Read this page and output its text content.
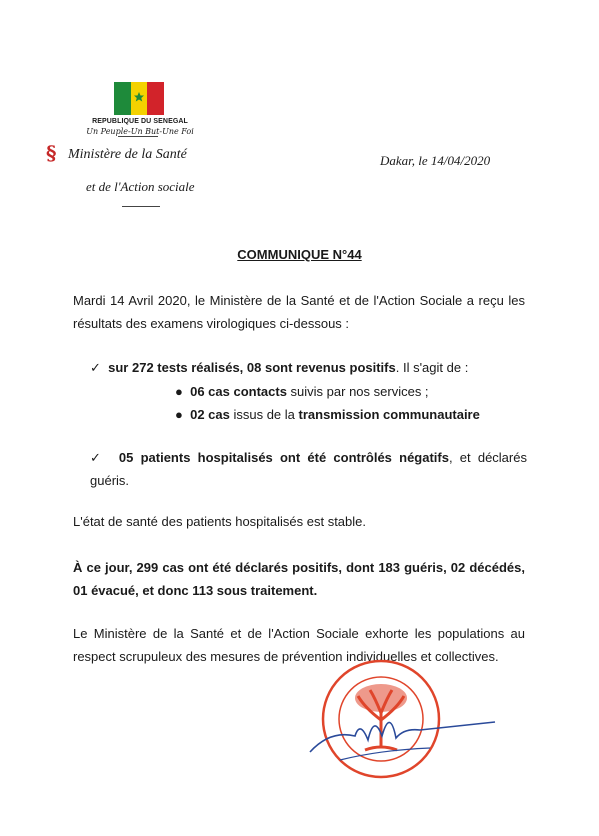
REPUBLIQUE DU SENEGAL
Un Peuple-Un But-Une Foi
§ Ministère de la Santé
et de l'Action sociale
Dakar, le 14/04/2020
COMMUNIQUE N°44
Mardi 14 Avril 2020, le Ministère de la Santé et de l'Action Sociale a reçu les résultats des examens virologiques ci-dessous :
✓ sur 272 tests réalisés, 08 sont revenus positifs. Il s'agit de :
● 06 cas contacts suivis par nos services ;
● 02 cas issus de la transmission communautaire
✓ 05 patients hospitalisés ont été contrôlés négatifs, et déclarés guéris.
L'état de santé des patients hospitalisés est stable.
À ce jour, 299 cas ont été déclarés positifs, dont 183 guéris, 02 décédés, 01 évacué, et donc 113 sous traitement.
Le Ministère de la Santé et de l'Action Sociale exhorte les populations au respect scrupuleux des mesures de prévention individuelles et collectives.
